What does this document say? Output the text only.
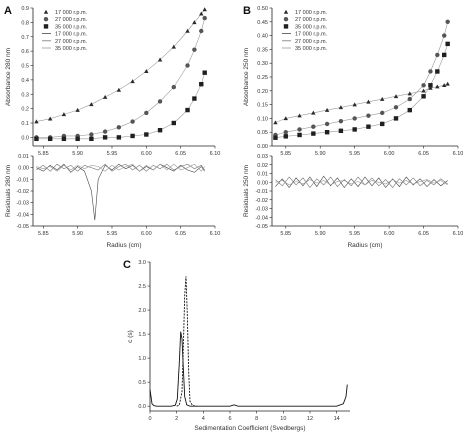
A	B
C
5.85	5.90	5.95	6.00	6.05	6.10
0.0
0.1
0.2
0.3
0.4
0.5
0.6
0.7
0.8
0.9
Absorbance 280 nm
17 000 r.p.m.
27 000 r.p.m.
35 000 r.p.m.
17 000 r.p.m.
27 000 r.p.m.
35 000 r.p.m.
5.85	5.90	5.95	6.00	6.05	6.10
0.01
0.00
-0.01
-0.02
-0.03
-0.04
-0.05
Residuals 280 nm
Radius (cm)
5.85	5.90	5.95	6.00	6.05	6.10
0.00
0.05
0.10
0.15
0.20
0.25
0.30
0.35
0.40
0.45
0.50
Absorbance 250 nm
17 000 r.p.m.
27 000 r.p.m.
35 000 r.p.m.
17 000 r.p.m.
27 000 r.p.m.
35 000 r.p.m.
5.85	5.90	5.95	6.00	6.05	6.10
0.03
0.02
0.01
0.00
-0.01
-0.02
-0.03
-0.04
-0.05
Residuals 250 nm
Radius (cm)
0	2	4	6	8	10	12	14
0.0
0.5
1.0
1.5
2.0
2.5
3.0
c (s)
Sedimentation Coefficient (Svedbergs)
